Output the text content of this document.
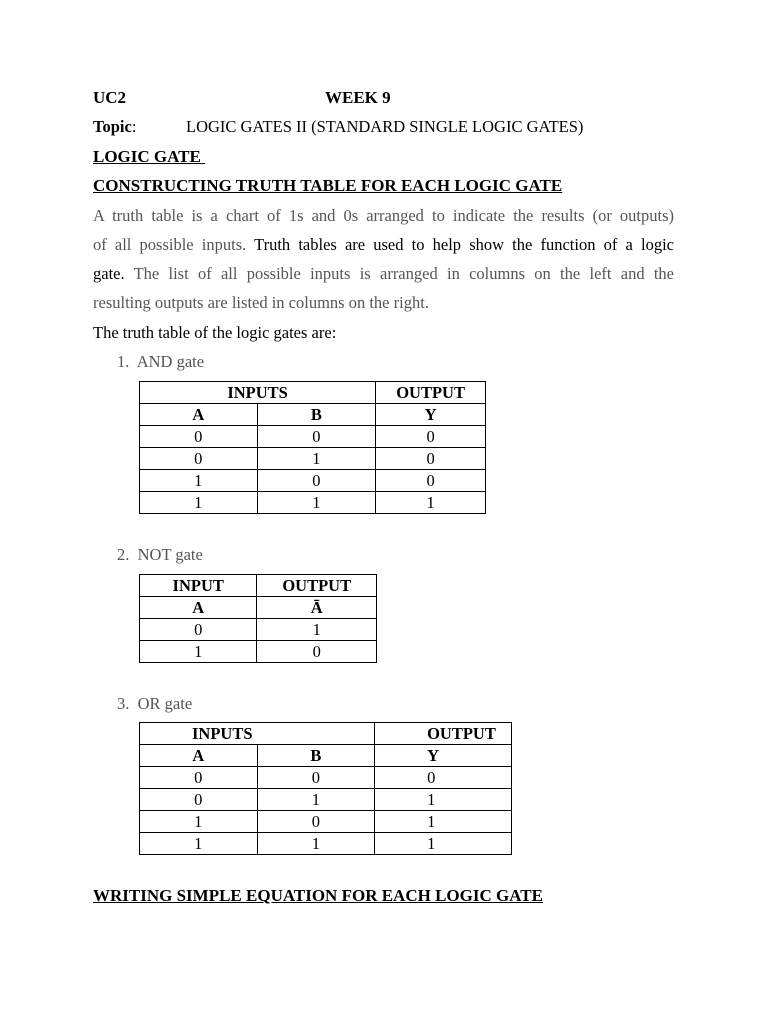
UC2	WEEK 9
Topic:	LOGIC GATES II (STANDARD SINGLE LOGIC GATES)
LOGIC GATE
CONSTRUCTING TRUTH TABLE FOR EACH LOGIC GATE
A truth table is a chart of 1s and 0s arranged to indicate the results (or outputs)
of all possible inputs. Truth tables are used to help show the function of a logic
gate. The list of all possible inputs is arranged in columns on the left and the
resulting outputs are listed in columns on the right.
The truth table of the logic gates are:
1.  AND gate
INPUTS		OUTPUT
A	B	Y
0	0	0
0	1	0
1	0	0
1	1	1
2.  NOT gate
INPUT	OUTPUT
A	Ā
0	1
1	0
3.  OR gate
INPUTS		OUTPUT
A	B	Y
0	0	0
0	1	1
1	0	1
1	1	1
WRITING SIMPLE EQUATION FOR EACH LOGIC GATE
